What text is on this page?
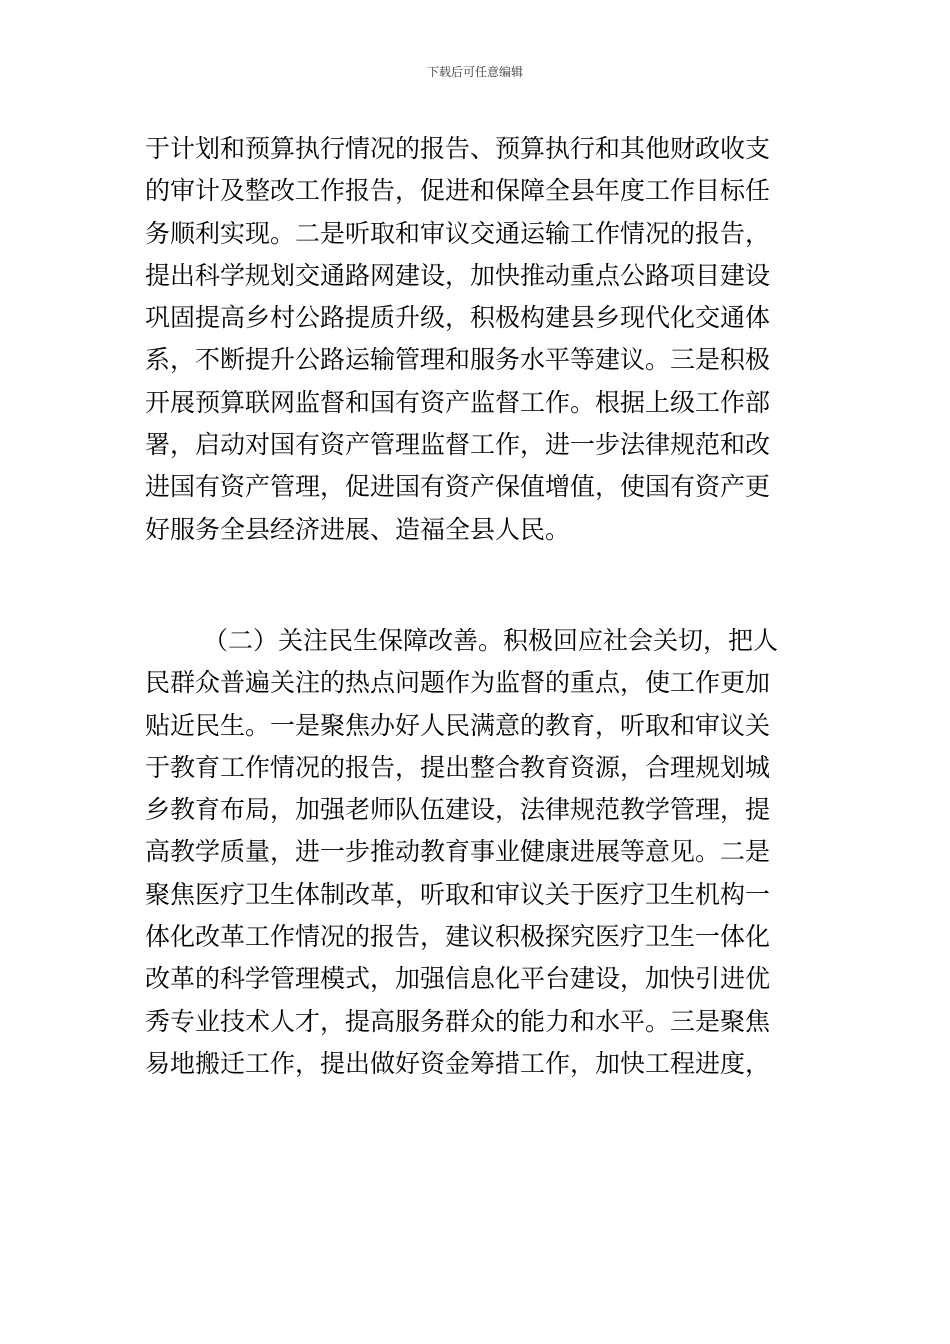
下载后可任意编辑
于计划和预算执行情况的报告、预算执行和其他财政收支
的审计及整改工作报告，促进和保障全县年度工作目标任
务顺利实现。二是听取和审议交通运输工作情况的报告，
提出科学规划交通路网建设，加快推动重点公路项目建设
巩固提高乡村公路提质升级，积极构建县乡现代化交通体
系，不断提升公路运输管理和服务水平等建议。三是积极
开展预算联网监督和国有资产监督工作。根据上级工作部
署，启动对国有资产管理监督工作，进一步法律规范和改
进国有资产管理，促进国有资产保值增值，使国有资产更
好服务全县经济进展、造福全县人民。
（二）关注民生保障改善。积极回应社会关切，把人
民群众普遍关注的热点问题作为监督的重点，使工作更加
贴近民生。一是聚焦办好人民满意的教育，听取和审议关
于教育工作情况的报告，提出整合教育资源，合理规划城
乡教育布局，加强老师队伍建设，法律规范教学管理，提
高教学质量，进一步推动教育事业健康进展等意见。二是
聚焦医疗卫生体制改革，听取和审议关于医疗卫生机构一
体化改革工作情况的报告，建议积极探究医疗卫生一体化
改革的科学管理模式，加强信息化平台建设，加快引进优
秀专业技术人才，提高服务群众的能力和水平。三是聚焦
易地搬迁工作，提出做好资金筹措工作，加快工程进度，
